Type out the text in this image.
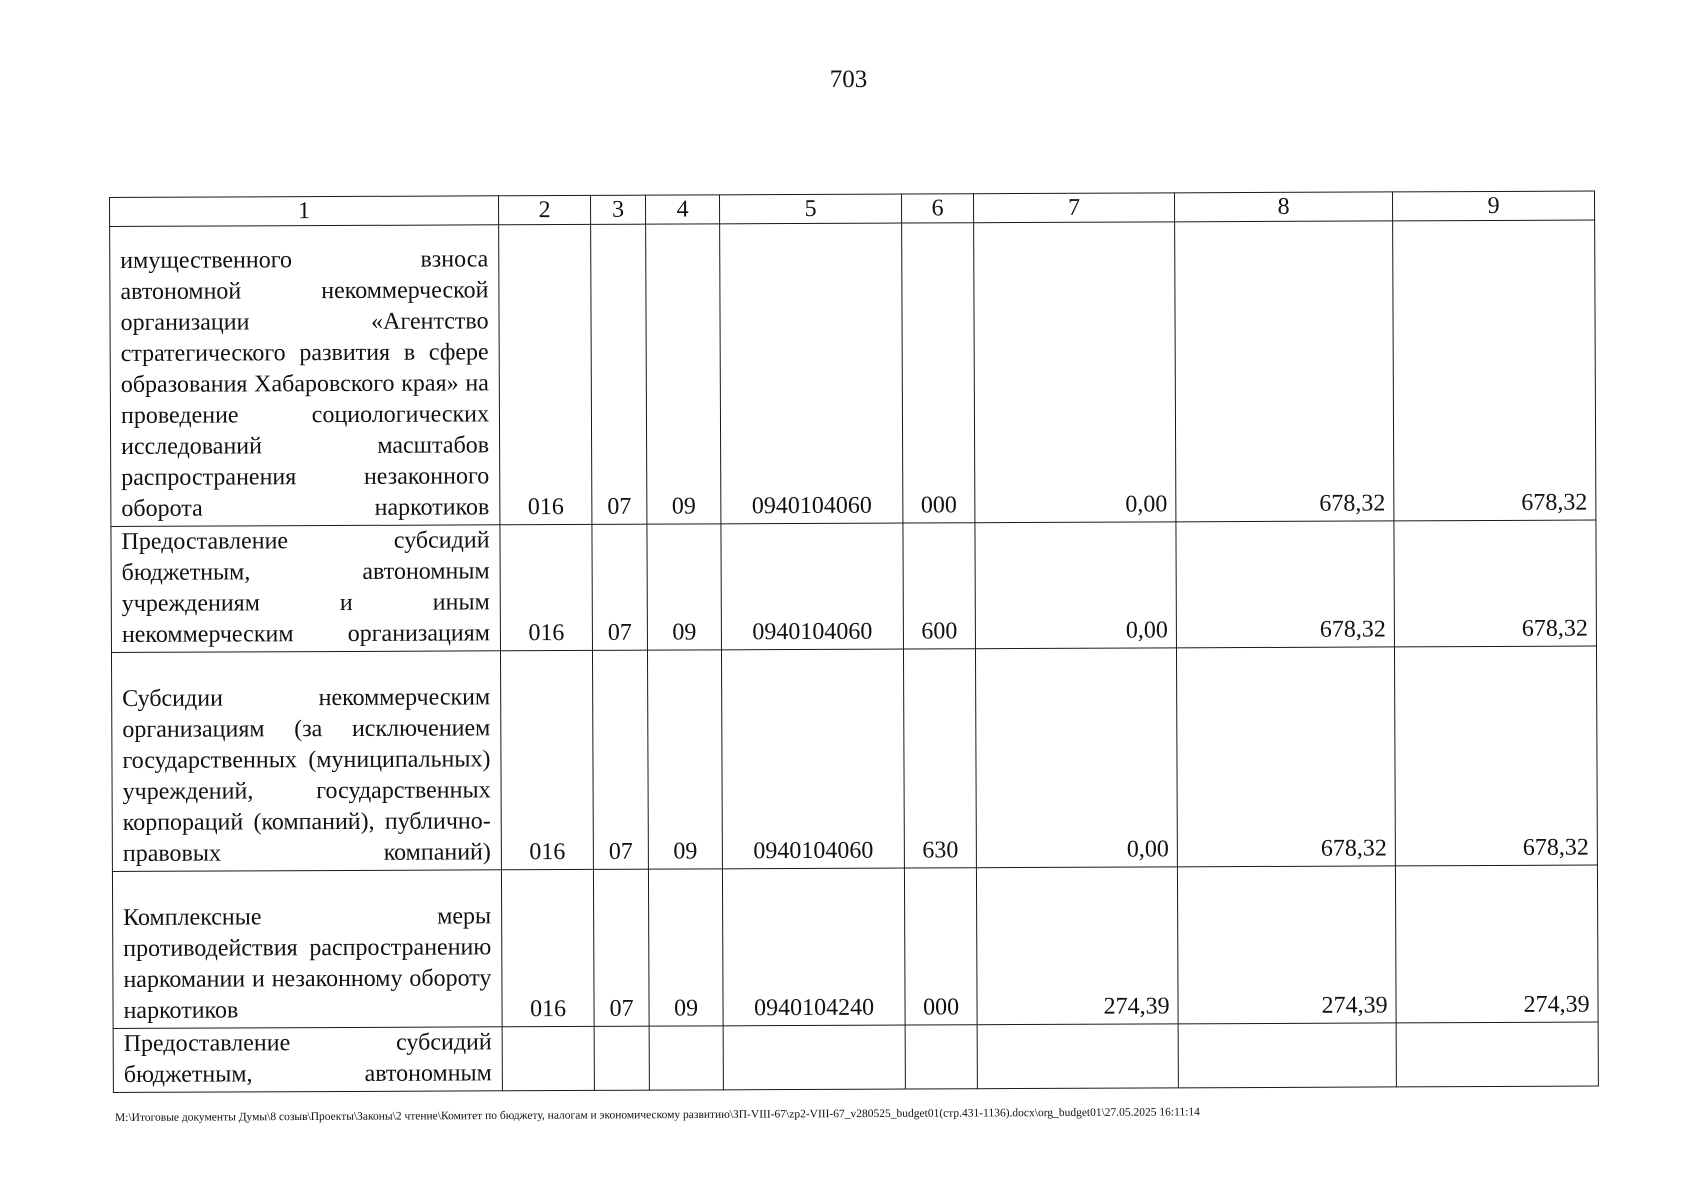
703
1	2	3	4	5	6	7	8	9
имущественного взноса автономной некоммерческой организации «Агентство стратегического развития в сфере образования Хабаровского края» на проведение социологических исследований масштабов распространения незаконного оборота наркотиков	016	07	09	0940104060	000	0,00	678,32	678,32
Предоставление субсидий бюджетным, автономным учреждениям и иным некоммерческим организациям	016	07	09	0940104060	600	0,00	678,32	678,32
Субсидии некоммерческим организациям (за исключением государственных (муниципальных) учреждений, государственных корпораций (компаний), публично-правовых компаний)	016	07	09	0940104060	630	0,00	678,32	678,32
Комплексные меры противодействия распространению наркомании и незаконному обороту наркотиков	016	07	09	0940104240	000	274,39	274,39	274,39
Предоставление субсидий бюджетным, автономным								
M:\Итоговые документы Думы\8 созыв\Проекты\Законы\2 чтение\Комитет по бюджету, налогам и экономическому развитию\ЗП-VIII-67\zp2-VIII-67_v280525_budget01(стр.431-1136).docx\org_budget01\27.05.2025 16:11:14
